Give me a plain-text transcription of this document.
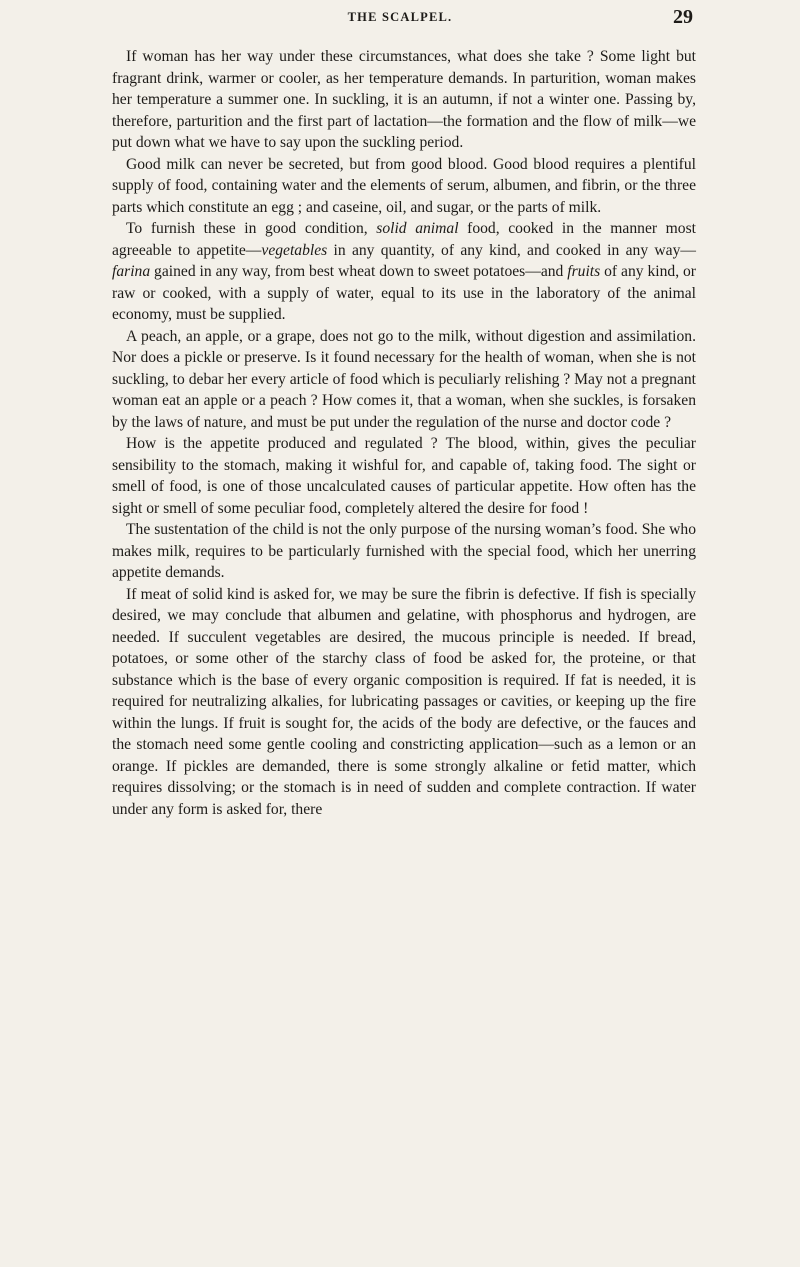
THE SCALPEL.	29

If woman has her way under these circumstances, what does she take ? Some light but fragrant drink, warmer or cooler, as her temperature demands. In parturition, woman makes her temperature a summer one. In suckling, it is an autumn, if not a winter one. Passing by, therefore, parturition and the first part of lactation—the formation and the flow of milk—we put down what we have to say upon the suckling period.

Good milk can never be secreted, but from good blood. Good blood requires a plentiful supply of food, containing water and the elements of serum, albumen, and fibrin, or the three parts which constitute an egg ; and caseine, oil, and sugar, or the parts of milk.

To furnish these in good condition, solid animal food, cooked in the manner most agreeable to appetite—vegetables in any quantity, of any kind, and cooked in any way—farina gained in any way, from best wheat down to sweet potatoes—and fruits of any kind, or raw or cooked, with a supply of water, equal to its use in the laboratory of the animal economy, must be supplied.

A peach, an apple, or a grape, does not go to the milk, without digestion and assimilation. Nor does a pickle or preserve. Is it found necessary for the health of woman, when she is not suckling, to debar her every article of food which is peculiarly relishing ? May not a pregnant woman eat an apple or a peach ? How comes it, that a woman, when she suckles, is forsaken by the laws of nature, and must be put under the regulation of the nurse and doctor code ?

How is the appetite produced and regulated ? The blood, within, gives the peculiar sensibility to the stomach, making it wishful for, and capable of, taking food. The sight or smell of food, is one of those uncalculated causes of particular appetite. How often has the sight or smell of some peculiar food, completely altered the desire for food !

The sustentation of the child is not the only purpose of the nursing woman’s food. She who makes milk, requires to be particularly furnished with the special food, which her unerring appetite demands.

If meat of solid kind is asked for, we may be sure the fibrin is defective. If fish is specially desired, we may conclude that albumen and gelatine, with phosphorus and hydrogen, are needed. If succulent vegetables are desired, the mucous principle is needed. If bread, potatoes, or some other of the starchy class of food be asked for, the proteine, or that substance which is the base of every organic composition is required. If fat is needed, it is required for neutralizing alkalies, for lubricating passages or cavities, or keeping up the fire within the lungs. If fruit is sought for, the acids of the body are defective, or the fauces and the stomach need some gentle cooling and constricting application—such as a lemon or an orange. If pickles are demanded, there is some strongly alkaline or fetid matter, which requires dissolving; or the stomach is in need of sudden and complete contraction. If water under any form is asked for, there
